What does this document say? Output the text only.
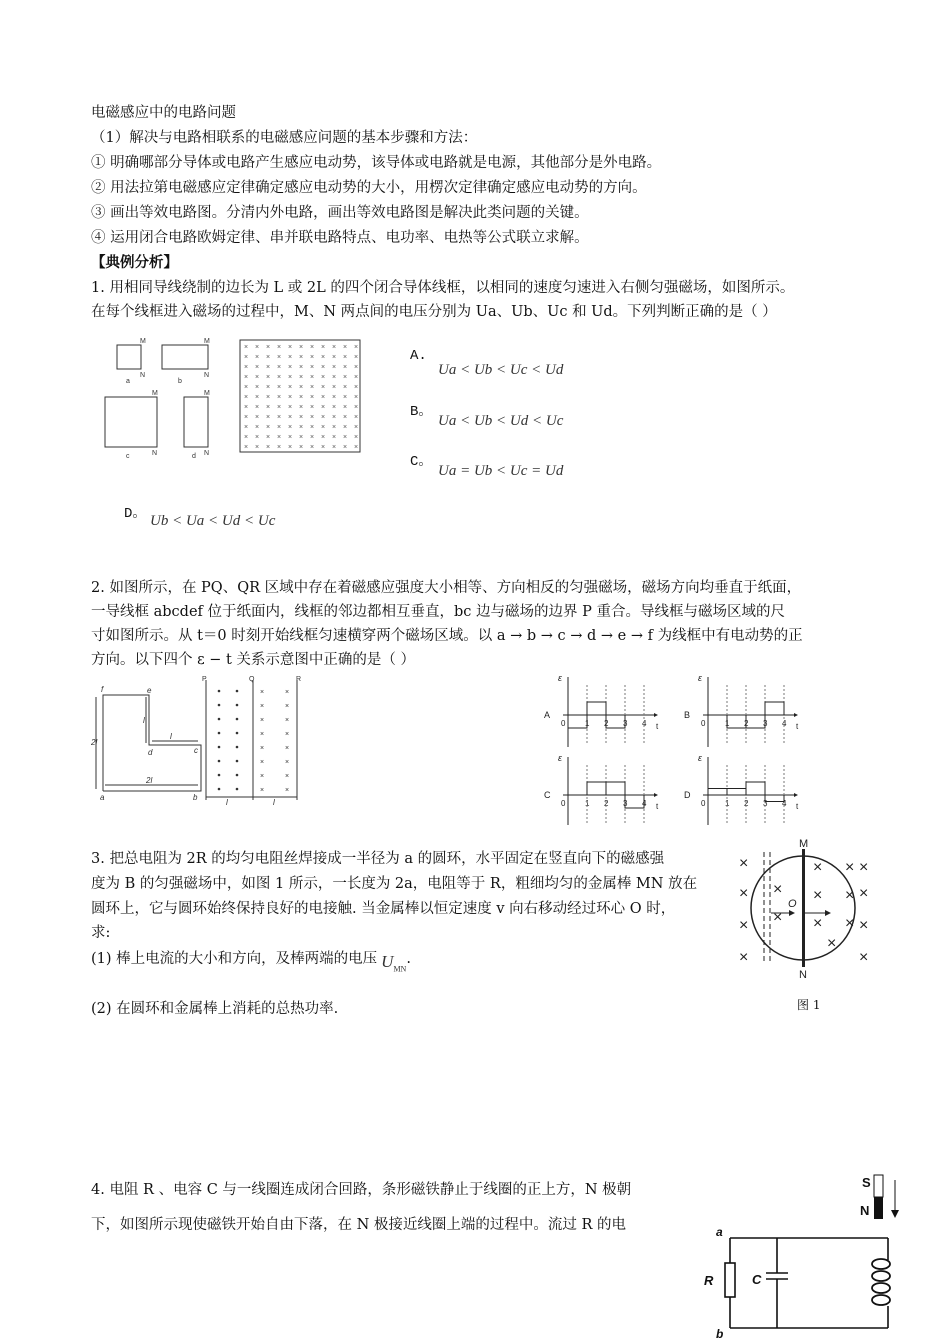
电磁感应中的电路问题
（1）解决与电路相联系的电磁感应问题的基本步骤和方法：
① 明确哪部分导体或电路产生感应电动势，该导体或电路就是电源，其他部分是外电路。
② 用法拉第电磁感应定律确定感应电动势的大小，用楞次定律确定感应电动势的方向。
③ 画出等效电路图。分清内外电路，画出等效电路图是解决此类问题的关键。
④ 运用闭合电路欧姆定律、串并联电路特点、电功率、电热等公式联立求解。
【典例分析】
1. 用相同导线绕制的边长为 L 或 2L 的四个闭合导体线框，以相同的速度匀速进入右侧匀强磁场，如图所示。
在每个线框进入磁场的过程中，M、N 两点间的电压分别为 Ua、Ub、Uc 和 Ud。下列判断正确的是（ ）
a	b
c	d
M
N
M
N
M
N
M
N
× × × × × × × × × × ×
× × × × × × × × × × ×
× × × × × × × × × × ×
× × × × × × × × × × ×
× × × × × × × × × × ×
× × × × × × × × × × ×
× × × × × × × × × × ×
× × × × × × × × × × ×
× × × × × × × × × × ×
× × × × × × × × × × ×
× × × × × × × × × × ×
A.
Ua < Ub < Uc < Ud
B。
Ua < Ub < Ud < Uc
C。
Ua = Ub < Uc = Ud
D。 Ub < Ua < Ud < Uc
2. 如图所示，在 PQ、QR 区域中存在着磁感应强度大小相等、方向相反的匀强磁场，磁场方向均垂直于纸面，
一导线框 abcdef 位于纸面内，线框的邻边都相互垂直，bc 边与磁场的边界 P 重合。导线框与磁场区域的尺
寸如图所示。从 t＝0 时刻开始线框匀速横穿两个磁场区域。以 a → b → c → d → e → f 为线框中有电动势的正
方向。以下四个 ε − t 关系示意图中正确的是（ ）
a	b
c
d
e
f
2l
l
l
2l
l	l
P	Q	R
×	×
×	×
×	×
×	×
×	×
×	×
×	×
×	×
ε
t
A
0 1 2 3 4
ε
t
B
0 1 2 3 4
ε
t
C
0 1 2 3 4
ε
t
D
0 1 2 3 4
3. 把总电阻为 2R 的均匀电阻丝焊接成一半径为 a 的圆环，水平固定在竖直向下的磁感强
度为 B 的匀强磁场中，如图 1 所示，一长度为 2a，电阻等于 R，粗细均匀的金属棒 MN 放在
圆环上，它与圆环始终保持良好的电接触. 当金属棒以恒定速度 v 向右移动经过环心 O 时，
求:
(1) 棒上电流的大小和方向，及棒两端的电压 $U_{MN}$.
(2) 在圆环和金属棒上消耗的总热功率.
M
N
O
×
×
×
×
×
×
×
×
×
×
×
×
×
×
×
×
×
图 1
4. 电阻 R 、电容 C 与一线圈连成闭合回路，条形磁铁静止于线圈的正上方，N 极朝
下，如图所示现使磁铁开始自由下落，在 N 极接近线圈上端的过程中。流过 R 的电
S
N
a
b
R	C
